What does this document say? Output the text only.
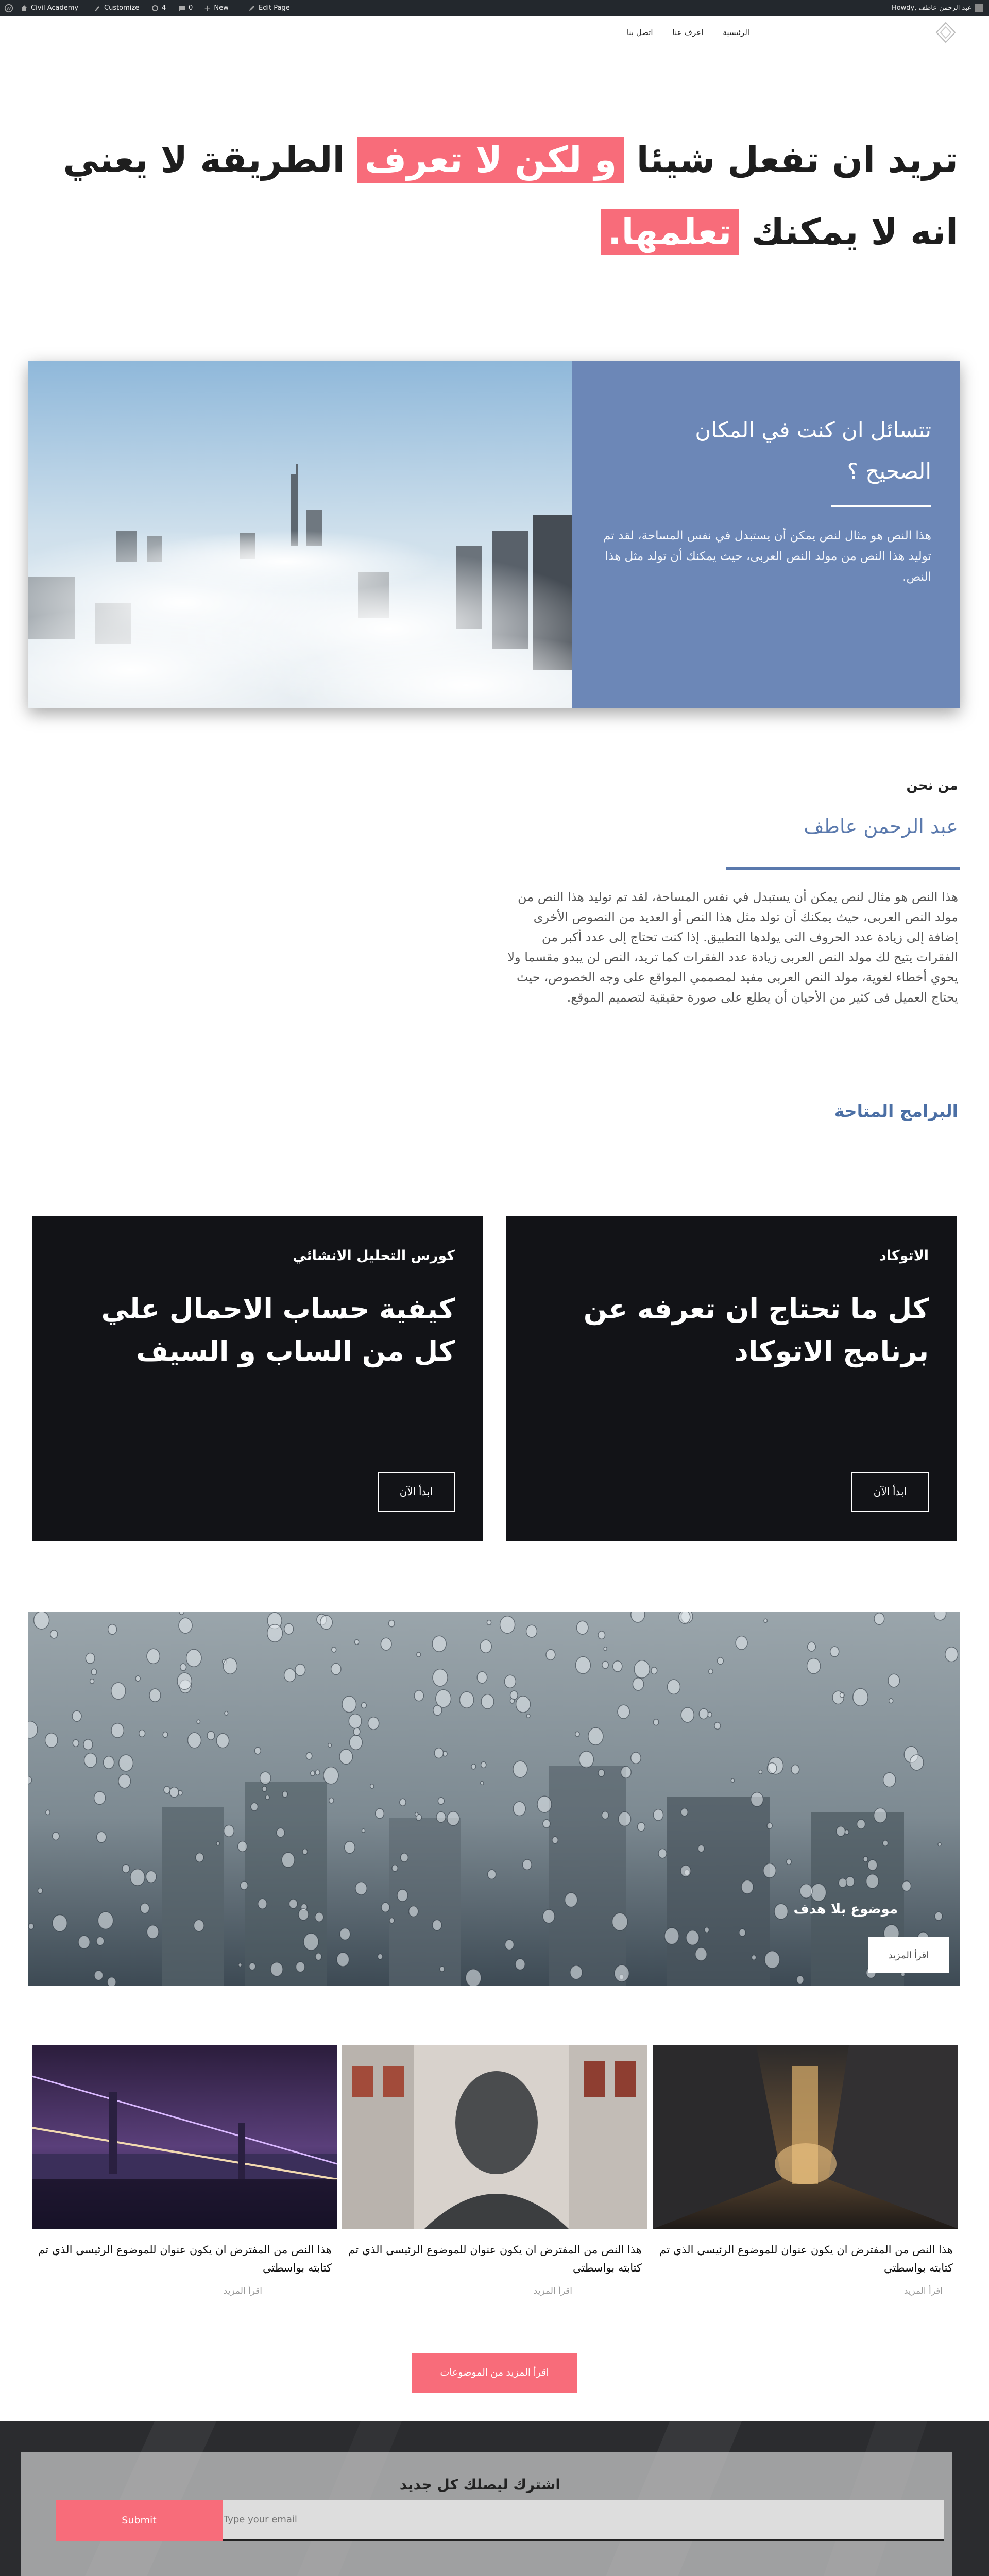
W	Civil Academy	Customize	4	0 + New	Edit Page	Howdy, عبد الرحمن عاطف
الرئيسية
اعرف عنا
اتصل بنا
تريد ان تفعل شيئا و لكن لا تعرف الطريقة لا يعني انه لا يمكنك تعلمها.
تتسائل ان كنت في المكان الصحيح ؟
هذا النص هو مثال لنص يمكن أن يستبدل في نفس المساحة، لقد تم توليد هذا النص من مولد النص العربى، حيث يمكنك أن تولد مثل هذا النص.
من نحن
عبد الرحمن عاطف
هذا النص هو مثال لنص يمكن أن يستبدل في نفس المساحة، لقد تم توليد هذا النص من مولد النص العربى، حيث يمكنك أن تولد مثل هذا النص أو العديد من النصوص الأخرى إضافة إلى زيادة عدد الحروف التى يولدها التطبيق. إذا كنت تحتاج إلى عدد أكبر من الفقرات يتيح لك مولد النص العربى زيادة عدد الفقرات كما تريد، النص لن يبدو مقسما ولا يحوي أخطاء لغوية، مولد النص العربى مفيد لمصممي المواقع على وجه الخصوص، حيث يحتاج العميل فى كثير من الأحيان أن يطلع على صورة حقيقية لتصميم الموقع.
البرامج المتاحة
الاتوكاد
كل ما تحتاج ان تعرفه عن برنامج الاتوكاد
ابدأ الآن
كورس التحليل الانشائي
كيفية حساب الاحمال علي كل من الساب و السيف
ابدأ الآن
موضوع بلا هدف
اقرأ المزيد
هذا النص من المفترض ان يكون عنوان للموضوع الرئيسي الذي تم كتابته بواسطتي
اقرأ المزيد
هذا النص من المفترض ان يكون عنوان للموضوع الرئيسي الذي تم كتابته بواسطتي
اقرأ المزيد
هذا النص من المفترض ان يكون عنوان للموضوع الرئيسي الذي تم كتابته بواسطتي
اقرأ المزيد
اقرأ المزيد من الموضوعات
اشترك ليصلك كل جديد
Type your email
Submit
